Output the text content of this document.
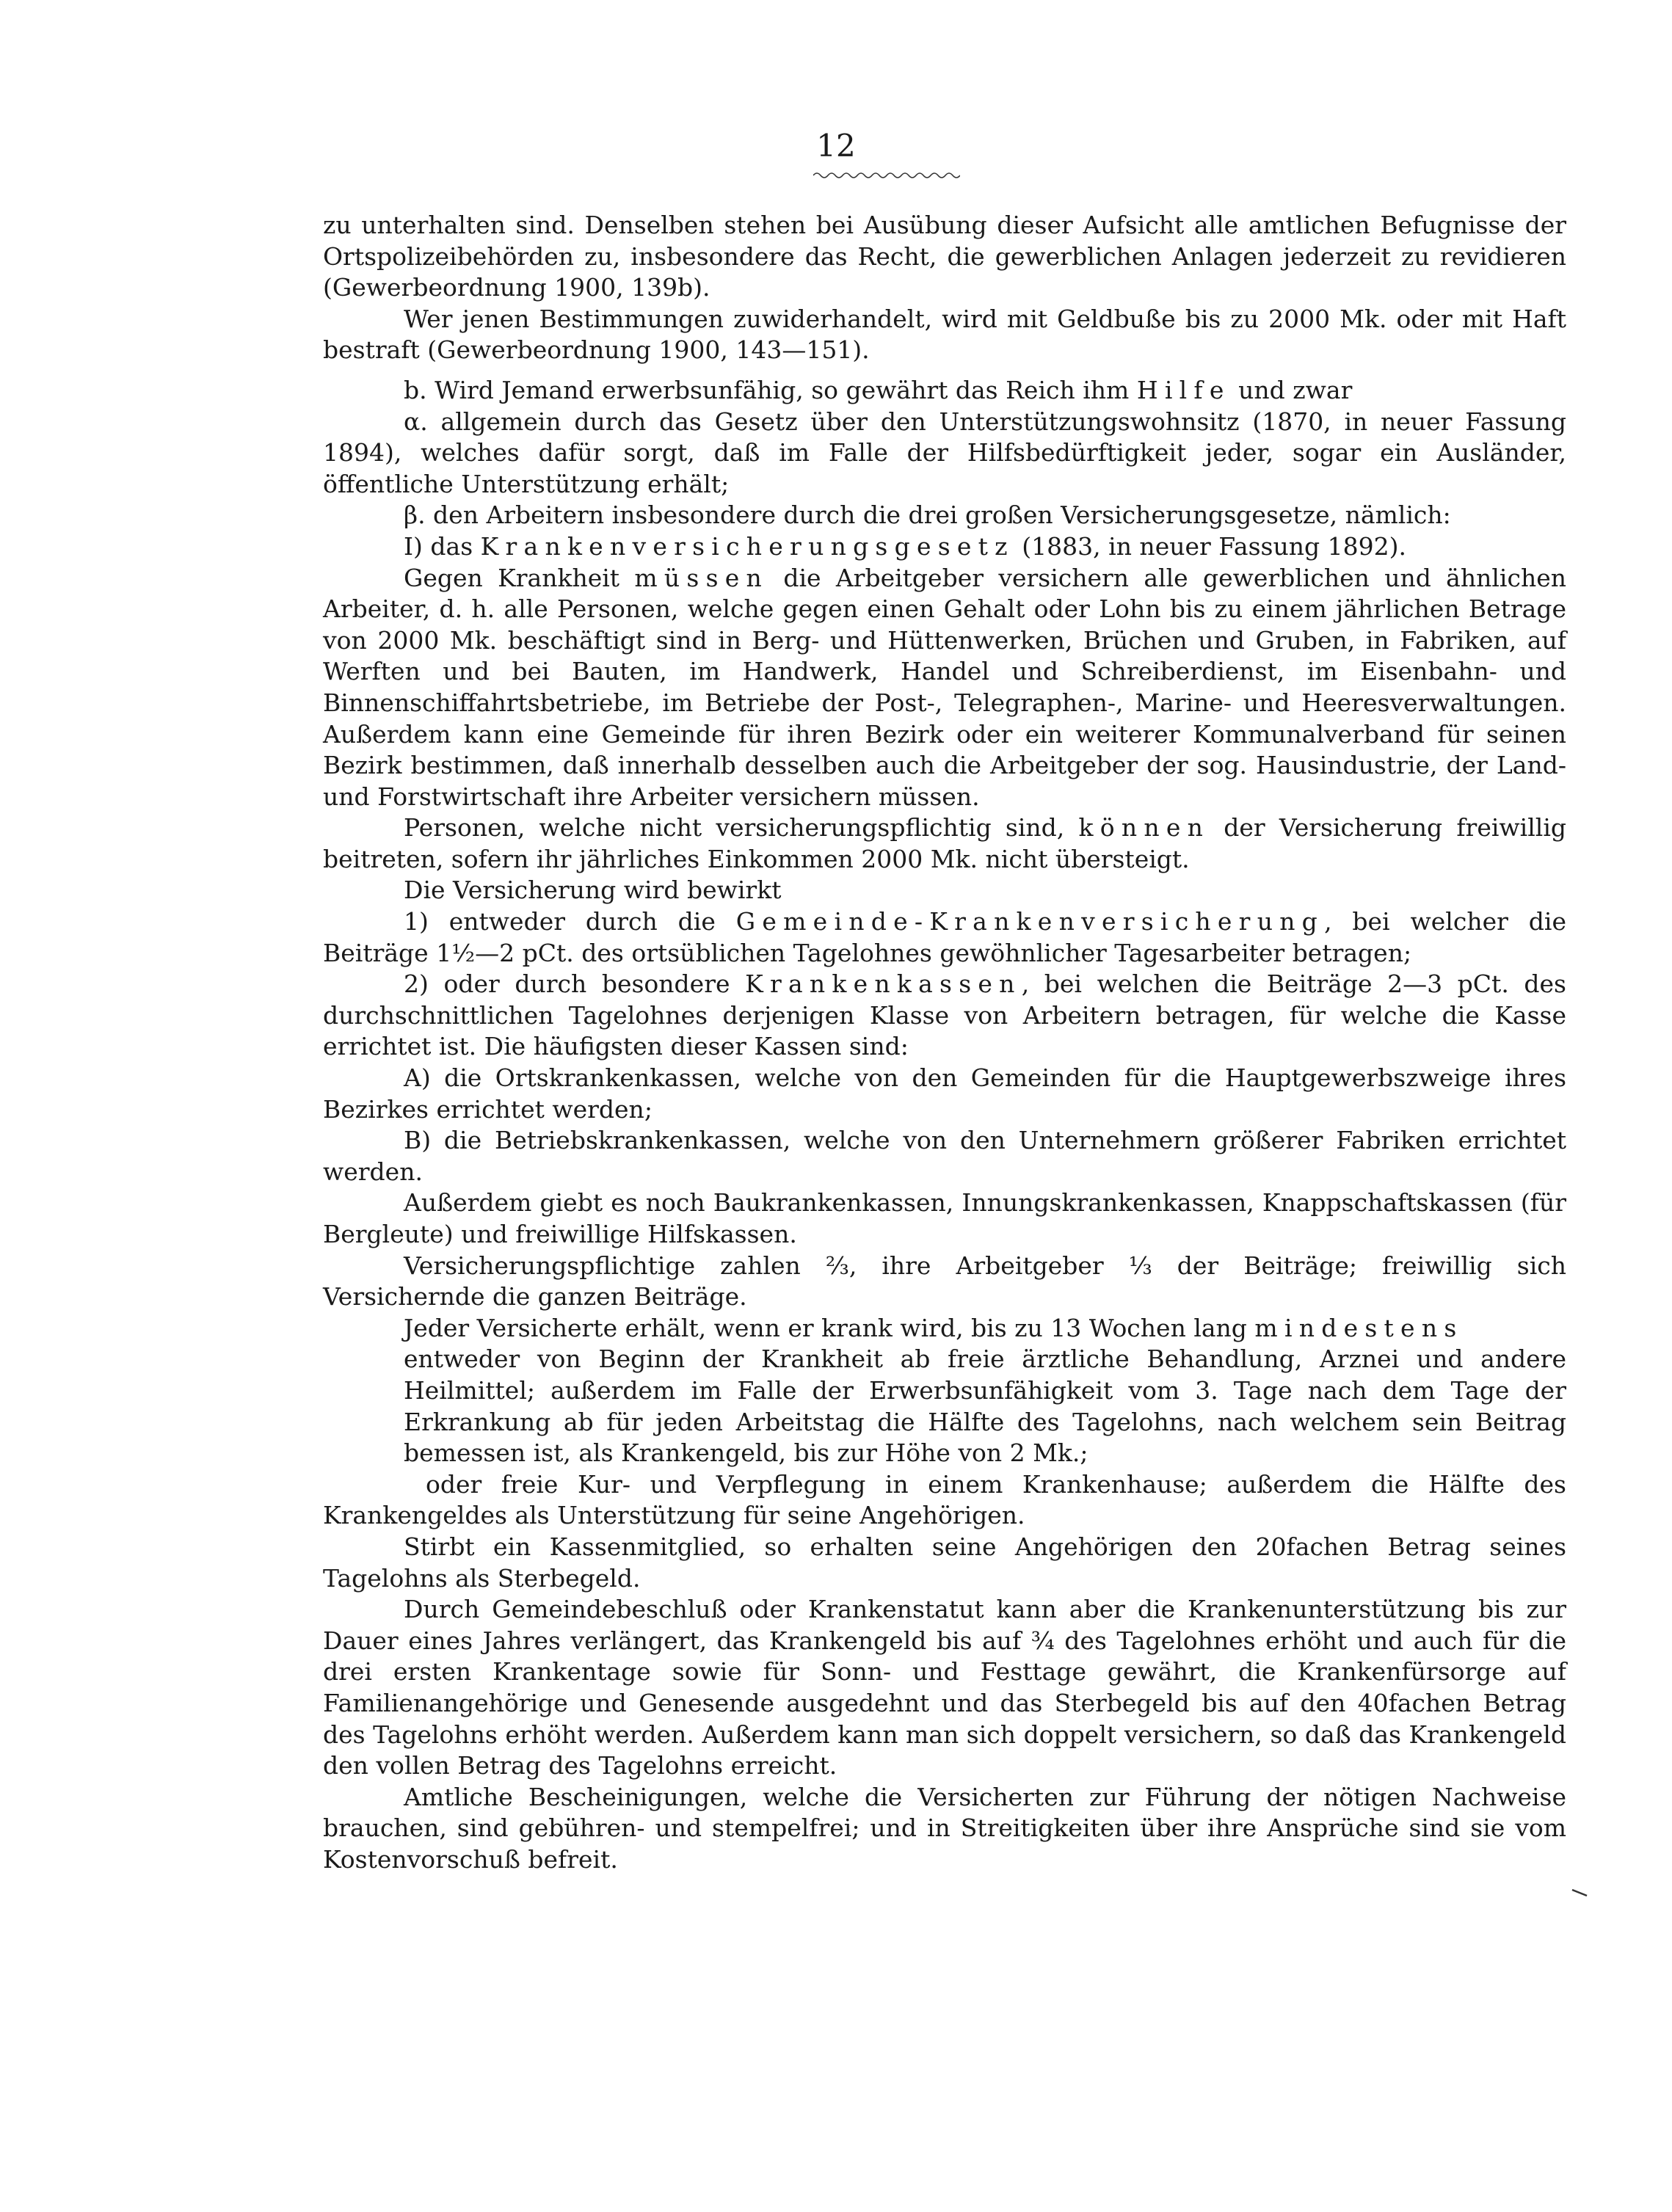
12

zu unterhalten sind. Denselben stehen bei Ausübung dieser Aufsicht alle amtlichen Befugnisse der Ortspolizeibehörden zu, insbesondere das Recht, die gewerblichen Anlagen jederzeit zu revidieren (Gewerbeordnung 1900, 139b).

Wer jenen Bestimmungen zuwiderhandelt, wird mit Geldbuße bis zu 2000 Mk. oder mit Haft bestraft (Gewerbeordnung 1900, 143—151).

b. Wird Jemand erwerbsunfähig, so gewährt das Reich ihm Hilfe und zwar

α. allgemein durch das Gesetz über den Unterstützungswohnsitz (1870, in neuer Fassung 1894), welches dafür sorgt, daß im Falle der Hilfsbedürftigkeit jeder, sogar ein Ausländer, öffentliche Unterstützung erhält;

β. den Arbeitern insbesondere durch die drei großen Versicherungsgesetze, nämlich:

I) das Krankenversicherungsgesetz (1883, in neuer Fassung 1892).

Gegen Krankheit müssen die Arbeitgeber versichern alle gewerblichen und ähnlichen Arbeiter, d. h. alle Personen, welche gegen einen Gehalt oder Lohn bis zu einem jährlichen Betrage von 2000 Mk. beschäftigt sind in Berg- und Hüttenwerken, Brüchen und Gruben, in Fabriken, auf Werften und bei Bauten, im Handwerk, Handel und Schreiberdienst, im Eisenbahn- und Binnenschiffahrtsbetriebe, im Betriebe der Post-, Telegraphen-, Marine- und Heeresverwaltungen. Außerdem kann eine Gemeinde für ihren Bezirk oder ein weiterer Kommunalverband für seinen Bezirk bestimmen, daß innerhalb desselben auch die Arbeitgeber der sog. Hausindustrie, der Land- und Forstwirtschaft ihre Arbeiter versichern müssen.

Personen, welche nicht versicherungspflichtig sind, können der Versicherung freiwillig beitreten, sofern ihr jährliches Einkommen 2000 Mk. nicht übersteigt.

Die Versicherung wird bewirkt

1) entweder durch die Gemeinde-Krankenversicherung, bei welcher die Beiträge 1½—2 pCt. des ortsüblichen Tagelohnes gewöhnlicher Tagesarbeiter betragen;

2) oder durch besondere Krankenkassen, bei welchen die Beiträge 2—3 pCt. des durchschnittlichen Tagelohnes derjenigen Klasse von Arbeitern betragen, für welche die Kasse errichtet ist. Die häufigsten dieser Kassen sind:

A) die Ortskrankenkassen, welche von den Gemeinden für die Hauptgewerbszweige ihres Bezirkes errichtet werden;

B) die Betriebskrankenkassen, welche von den Unternehmern größerer Fabriken errichtet werden.

Außerdem giebt es noch Baukrankenkassen, Innungskrankenkassen, Knappschaftskassen (für Bergleute) und freiwillige Hilfskassen.

Versicherungspflichtige zahlen ⅔, ihre Arbeitgeber ⅓ der Beiträge; freiwillig sich Versichernde die ganzen Beiträge.

Jeder Versicherte erhält, wenn er krank wird, bis zu 13 Wochen lang mindestens

entweder von Beginn der Krankheit ab freie ärztliche Behandlung, Arznei und andere Heilmittel; außerdem im Falle der Erwerbsunfähigkeit vom 3. Tage nach dem Tage der Erkrankung ab für jeden Arbeitstag die Hälfte des Tagelohns, nach welchem sein Beitrag bemessen ist, als Krankengeld, bis zur Höhe von 2 Mk.;

oder freie Kur- und Verpflegung in einem Krankenhause; außerdem die Hälfte des Krankengeldes als Unterstützung für seine Angehörigen.

Stirbt ein Kassenmitglied, so erhalten seine Angehörigen den 20fachen Betrag seines Tagelohns als Sterbegeld.

Durch Gemeindebeschluß oder Krankenstatut kann aber die Krankenunterstützung bis zur Dauer eines Jahres verlängert, das Krankengeld bis auf ¾ des Tagelohnes erhöht und auch für die drei ersten Krankentage sowie für Sonn- und Festtage gewährt, die Krankenfürsorge auf Familienangehörige und Genesende ausgedehnt und das Sterbegeld bis auf den 40fachen Betrag des Tagelohns erhöht werden. Außerdem kann man sich doppelt versichern, so daß das Krankengeld den vollen Betrag des Tagelohns erreicht.

Amtliche Bescheinigungen, welche die Versicherten zur Führung der nötigen Nachweise brauchen, sind gebühren- und stempelfrei; und in Streitigkeiten über ihre Ansprüche sind sie vom Kostenvorschuß befreit.
